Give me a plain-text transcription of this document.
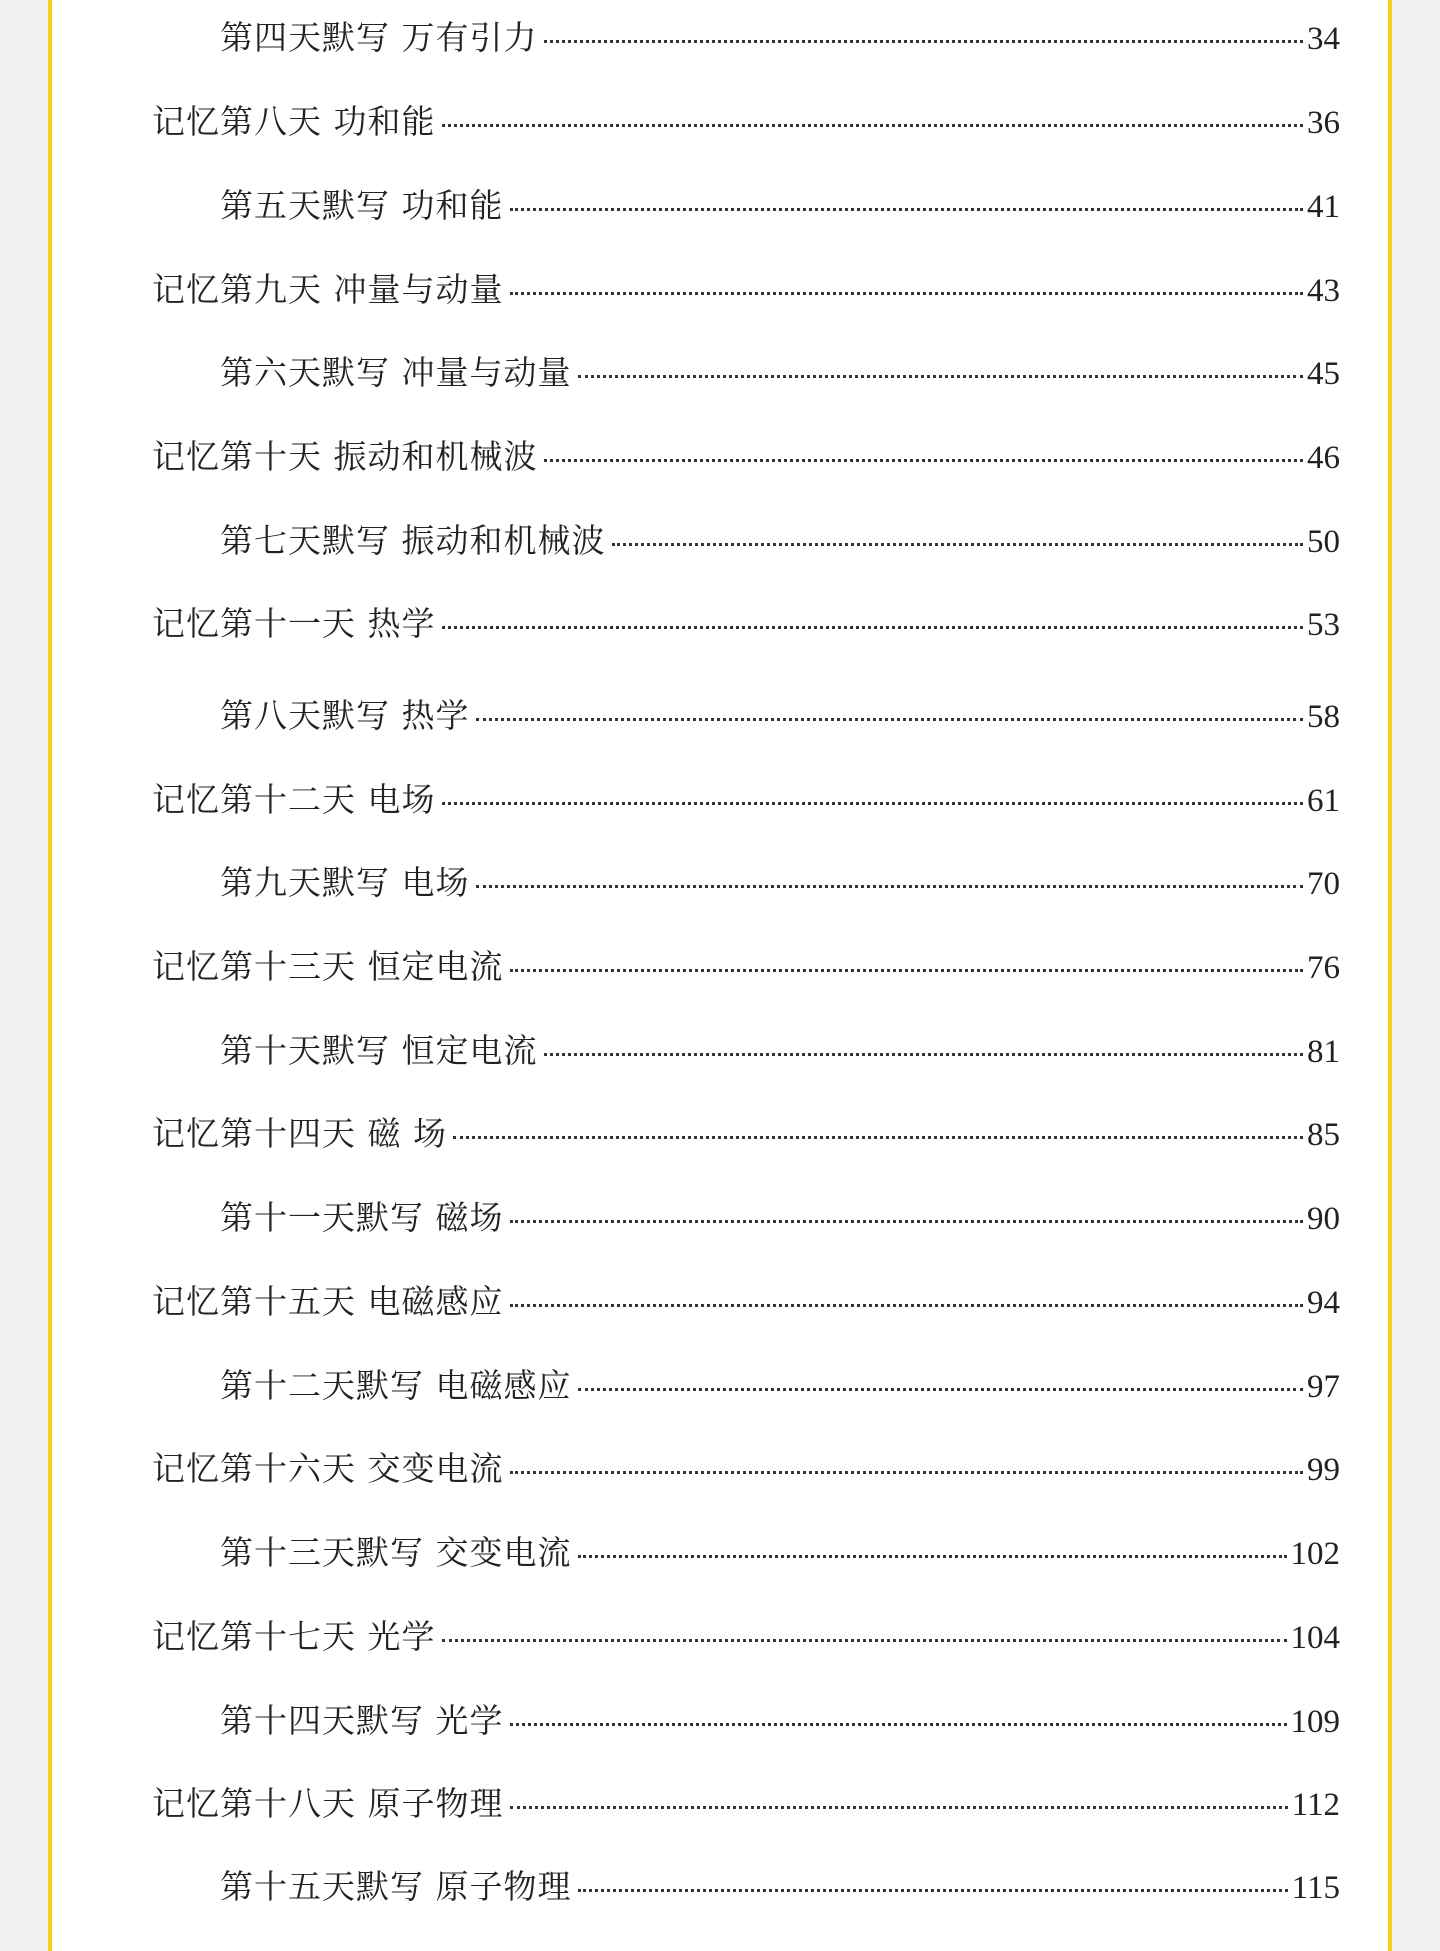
第四天默写 万有引力	34
记忆第八天 功和能	36
第五天默写 功和能	41
记忆第九天 冲量与动量	43
第六天默写 冲量与动量	45
记忆第十天 振动和机械波	46
第七天默写 振动和机械波	50
记忆第十一天 热学	53
第八天默写 热学	58
记忆第十二天 电场	61
第九天默写 电场	70
记忆第十三天 恒定电流	76
第十天默写 恒定电流	81
记忆第十四天 磁 场	85
第十一天默写 磁场	90
记忆第十五天 电磁感应	94
第十二天默写 电磁感应	97
记忆第十六天 交变电流	99
第十三天默写 交变电流	102
记忆第十七天 光学	104
第十四天默写 光学	109
记忆第十八天 原子物理	112
第十五天默写 原子物理	115
